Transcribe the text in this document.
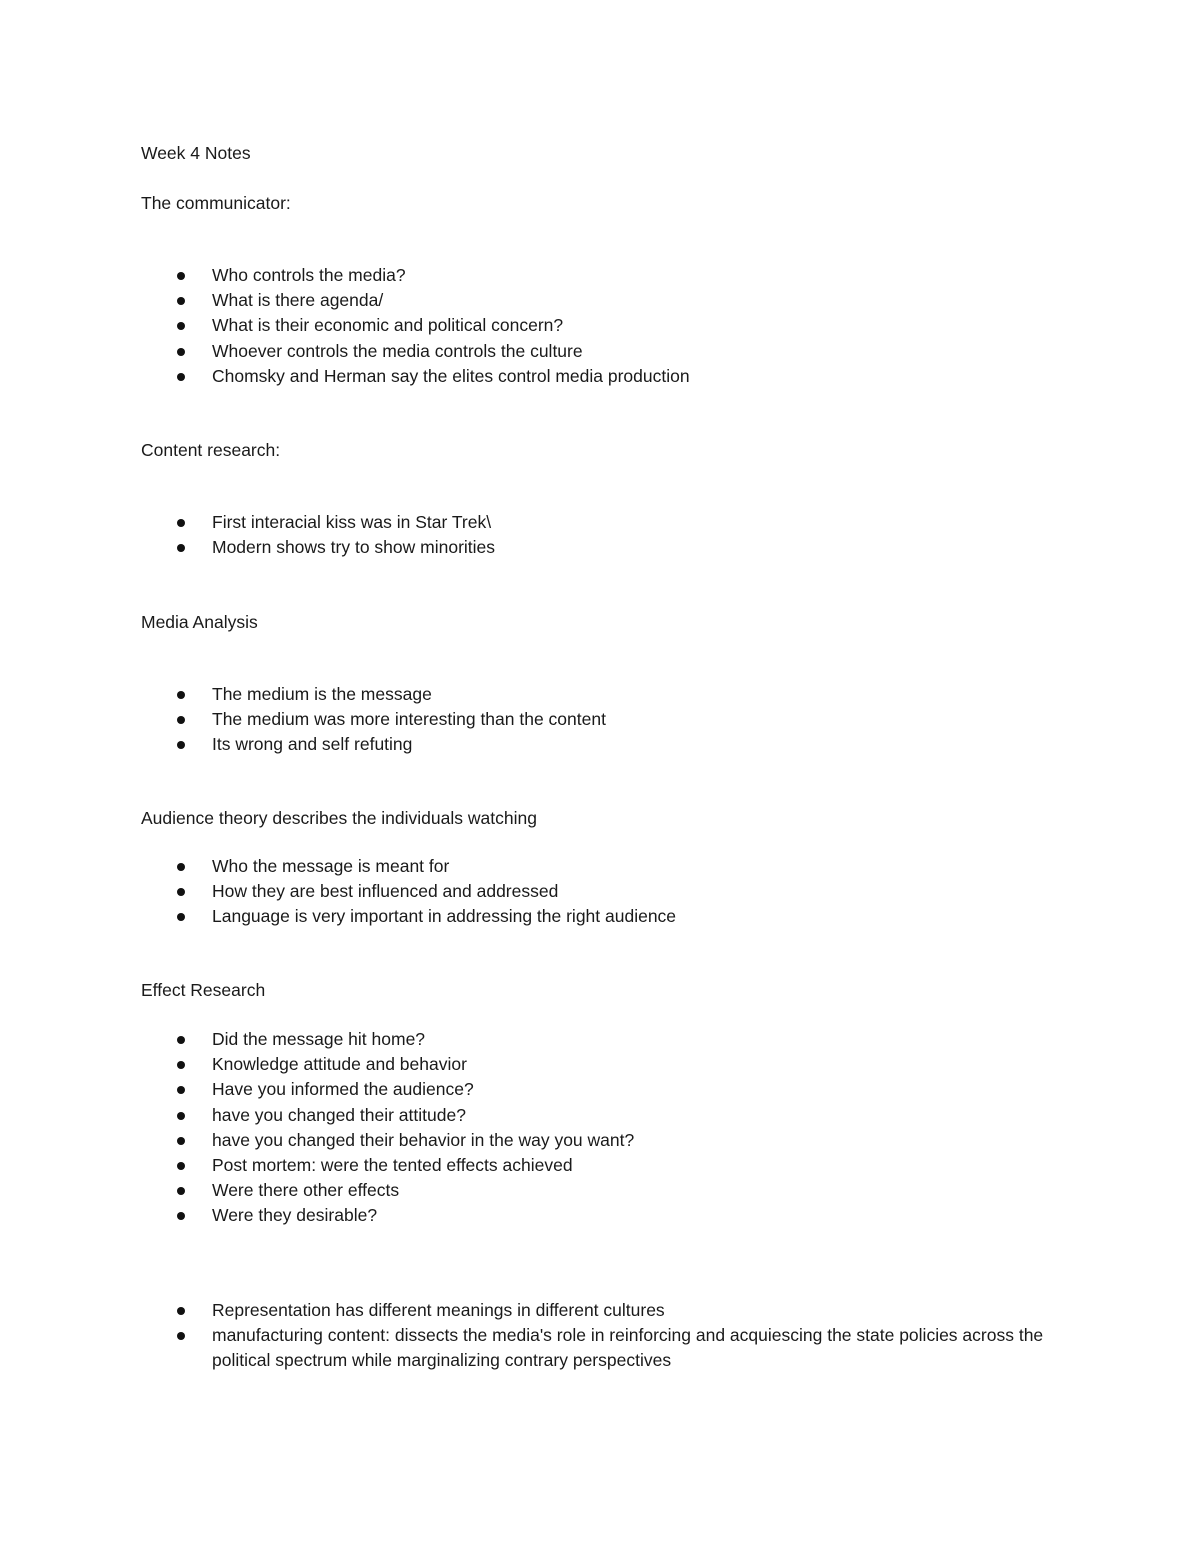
Week 4 Notes

The communicator:

Who controls the media?
What is there agenda/
What is their economic and political concern?
Whoever controls the media controls the culture
Chomsky and Herman say the elites control media production

Content research:

First interacial kiss was in Star Trek\
Modern shows try to show minorities

Media Analysis

The medium is the message
The medium was more interesting than the content
Its wrong and self refuting

Audience theory describes the individuals watching

Who the message is meant for
How they are best influenced and addressed
Language is very important in addressing the right audience

Effect Research

Did the message hit home?
Knowledge attitude and behavior
Have you informed the audience?
have you changed their attitude?
have you changed their behavior in the way you want?
Post mortem: were the tented effects achieved
Were there other effects
Were they desirable?
Representation has different meanings in different cultures
manufacturing content: dissects the media's role in reinforcing and acquiescing the state policies across the political spectrum while marginalizing contrary perspectives
